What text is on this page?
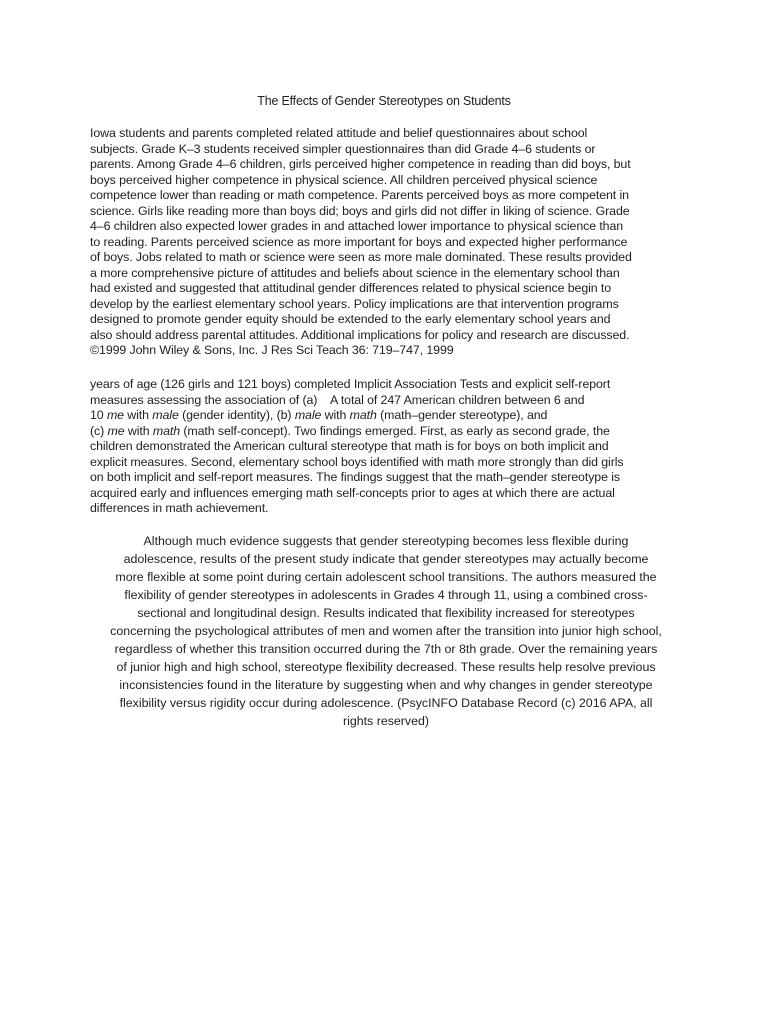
The Effects of Gender Stereotypes on Students
Iowa students and parents completed related attitude and belief questionnaires about school
subjects. Grade K–3 students received simpler questionnaires than did Grade 4–6 students or
parents. Among Grade 4–6 children, girls perceived higher competence in reading than did boys, but
boys perceived higher competence in physical science. All children perceived physical science
competence lower than reading or math competence. Parents perceived boys as more competent in
science. Girls like reading more than boys did; boys and girls did not differ in liking of science. Grade
4–6 children also expected lower grades in and attached lower importance to physical science than
to reading. Parents perceived science as more important for boys and expected higher performance
of boys. Jobs related to math or science were seen as more male dominated. These results provided
a more comprehensive picture of attitudes and beliefs about science in the elementary school than
had existed and suggested that attitudinal gender differences related to physical science begin to
develop by the earliest elementary school years. Policy implications are that intervention programs
designed to promote gender equity should be extended to the early elementary school years and
also should address parental attitudes. Additional implications for policy and research are discussed.
©1999 John Wiley & Sons, Inc. J Res Sci Teach 36: 719–747, 1999
years of age (126 girls and 121 boys) completed Implicit Association Tests and explicit self-report
measures assessing the association of (a)    A total of 247 American children between 6 and
10 me with male (gender identity), (b) male with math (math–gender stereotype), and
(c) me with math (math self-concept). Two findings emerged. First, as early as second grade, the
children demonstrated the American cultural stereotype that math is for boys on both implicit and
explicit measures. Second, elementary school boys identified with math more strongly than did girls
on both implicit and self-report measures. The findings suggest that the math–gender stereotype is
acquired early and influences emerging math self-concepts prior to ages at which there are actual
differences in math achievement.
Although much evidence suggests that gender stereotyping becomes less flexible during
adolescence, results of the present study indicate that gender stereotypes may actually become
more flexible at some point during certain adolescent school transitions. The authors measured the
flexibility of gender stereotypes in adolescents in Grades 4 through 11, using a combined cross-
sectional and longitudinal design. Results indicated that flexibility increased for stereotypes
concerning the psychological attributes of men and women after the transition into junior high school,
regardless of whether this transition occurred during the 7th or 8th grade. Over the remaining years
of junior high and high school, stereotype flexibility decreased. These results help resolve previous
inconsistencies found in the literature by suggesting when and why changes in gender stereotype
flexibility versus rigidity occur during adolescence. (PsycINFO Database Record (c) 2016 APA, all
rights reserved)
